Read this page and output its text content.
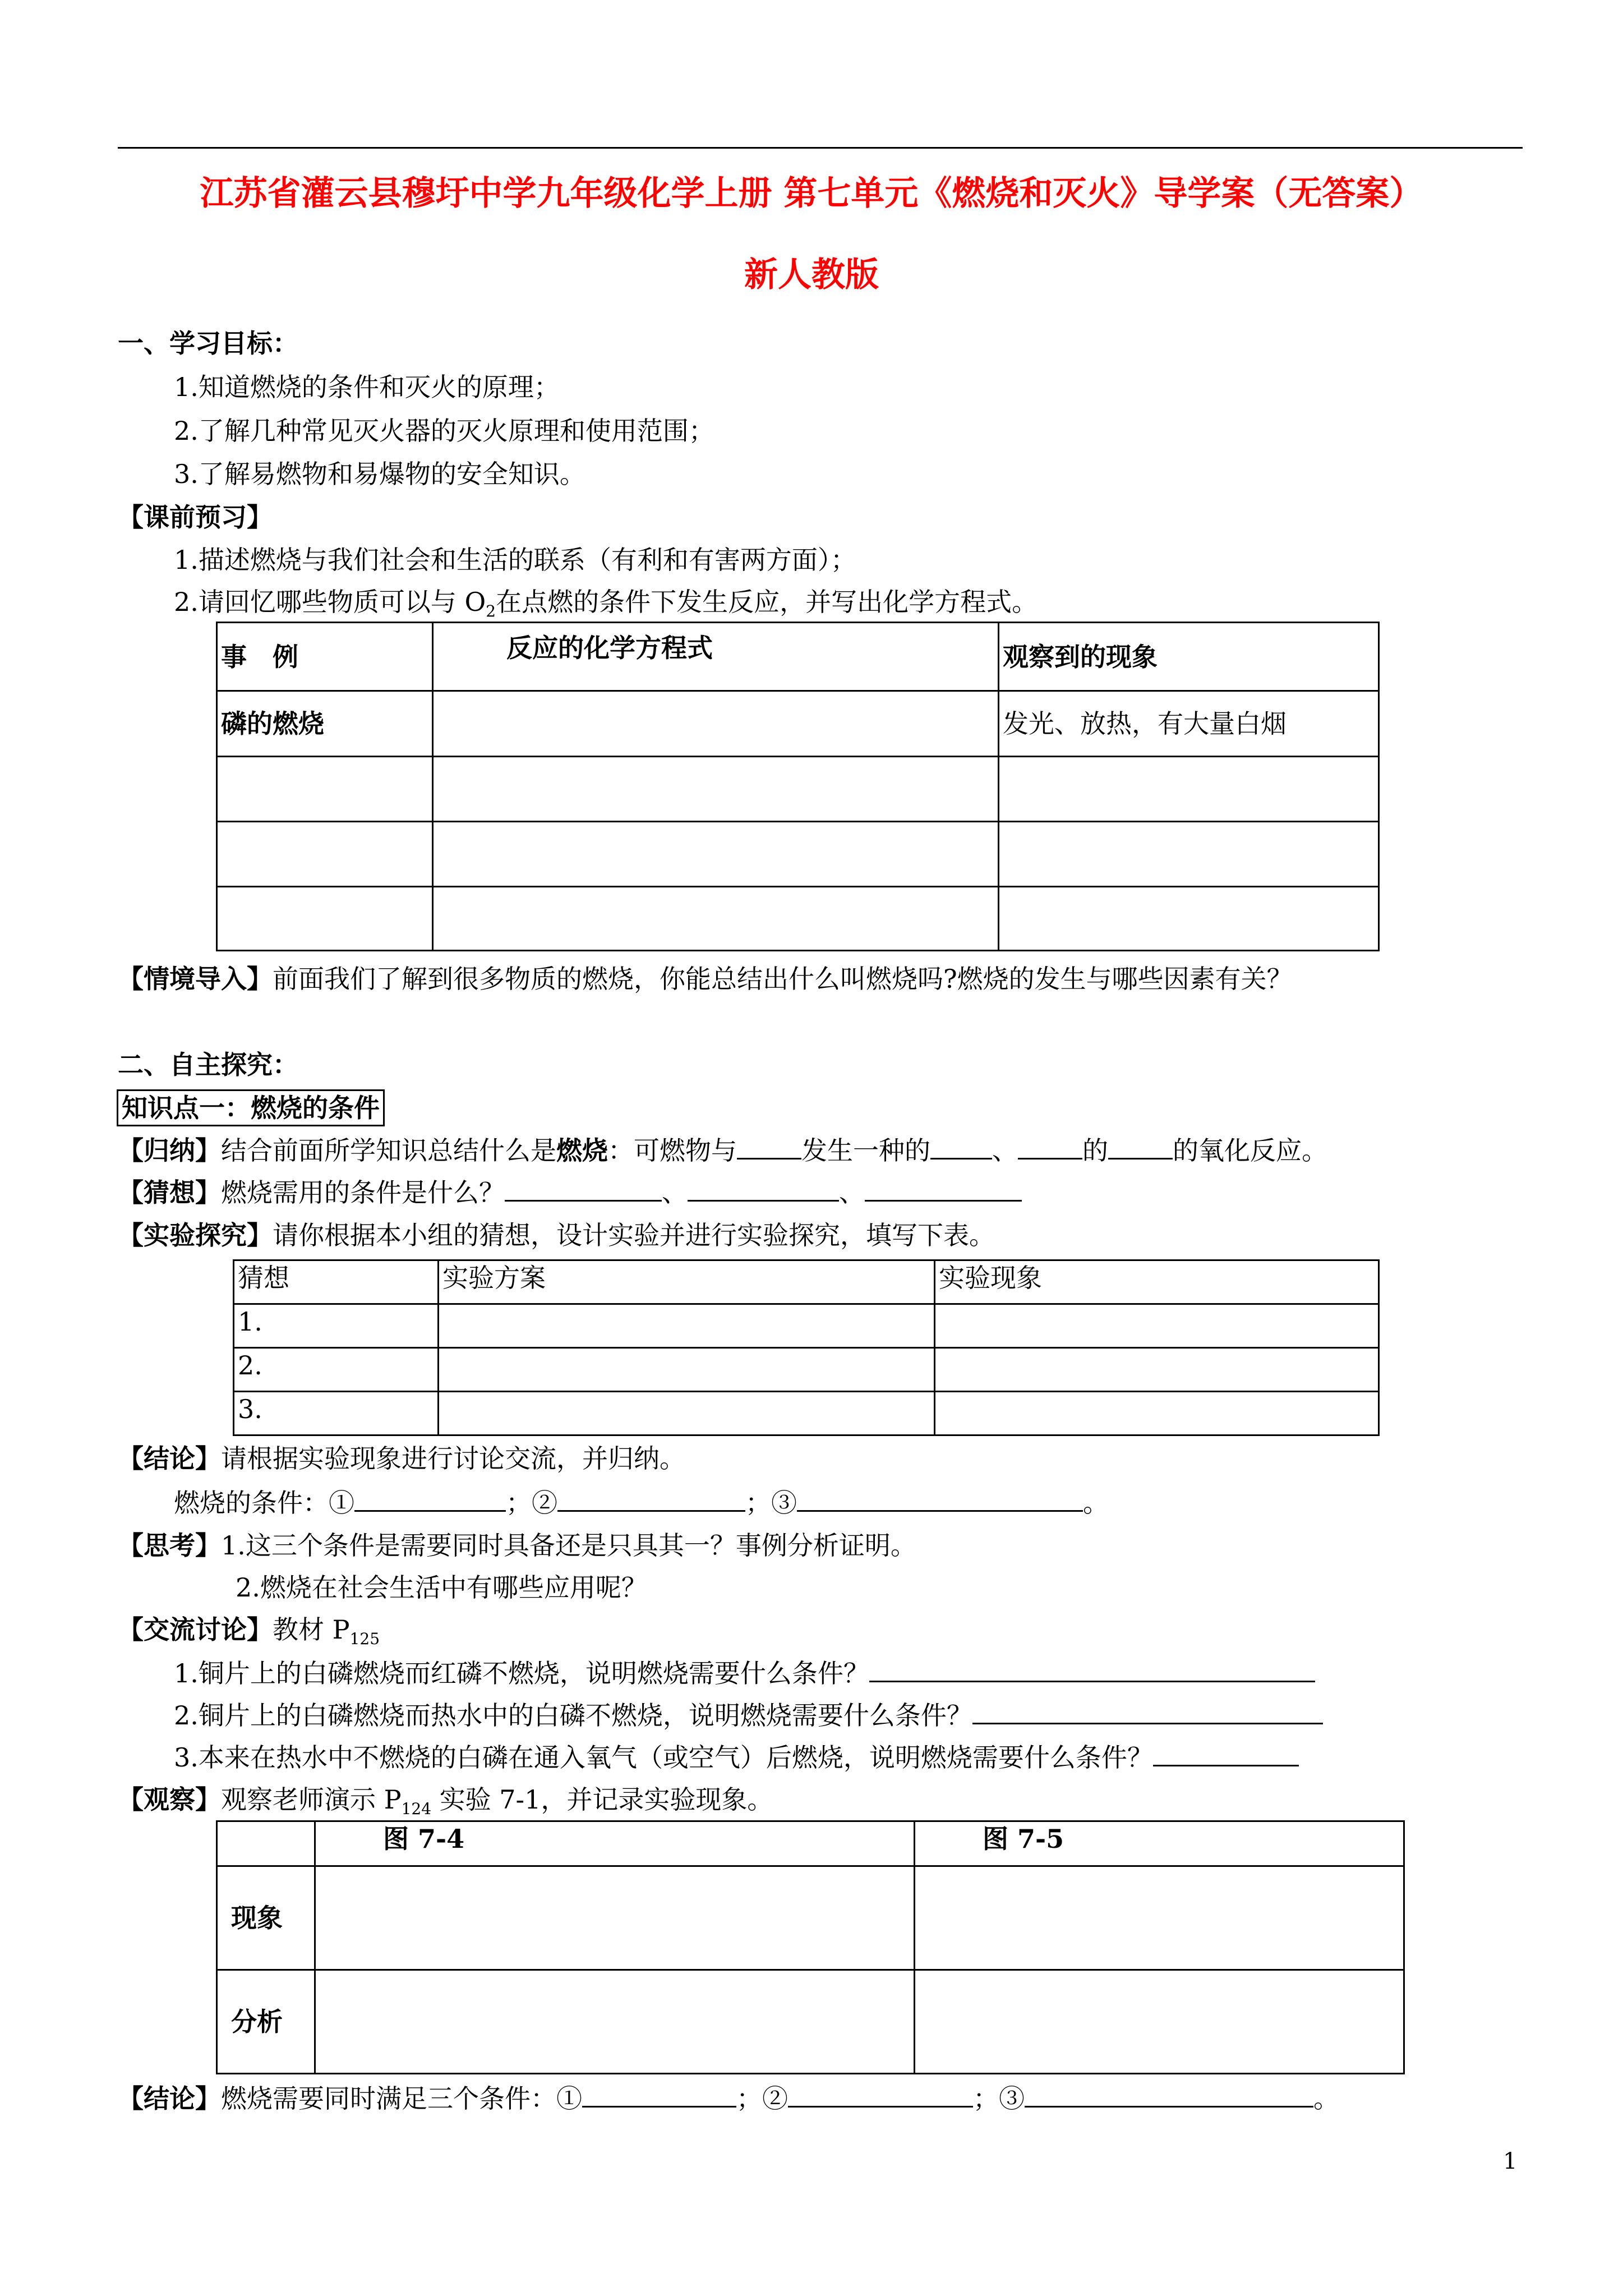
江苏省灌云县穆圩中学九年级化学上册 第七单元《燃烧和灭火》导学案（无答案）
新人教版
一、学习目标：
1.知道燃烧的条件和灭火的原理；
2.了解几种常见灭火器的灭火原理和使用范围；
3.了解易燃物和易爆物的安全知识。
【课前预习】
1.描述燃烧与我们社会和生活的联系（有利和有害两方面）；
2.请回忆哪些物质可以与 $O_2$在点燃的条件下发生反应，并写出化学方程式。
事　例	反应的化学方程式	观察到的现象
磷的燃烧		发光、放热，有大量白烟

【情境导入】前面我们了解到很多物质的燃烧，你能总结出什么叫燃烧吗?燃烧的发生与哪些因素有关？
二、自主探究：
知识点一：燃烧的条件
【归纳】结合前面所学知识总结什么是燃烧：可燃物与	发生一种的 、	的	的氧化反应。
【猜想】燃烧需用的条件是什么？	、	、
【实验探究】请你根据本小组的猜想，设计实验并进行实验探究，填写下表。
猜想	实验方案	实验现象
1.		
2.		
3.		
【结论】请根据实验现象进行讨论交流，并归纳。
燃烧的条件：①	；②	；③	。
【思考】1.这三个条件是需要同时具备还是只具其一？事例分析证明。
2.燃烧在社会生活中有哪些应用呢？
【交流讨论】教材 $P_{125}$
1.铜片上的白磷燃烧而红磷不燃烧，说明燃烧需要什么条件？
2.铜片上的白磷燃烧而热水中的白磷不燃烧，说明燃烧需要什么条件？
3.本来在热水中不燃烧的白磷在通入氧气（或空气）后燃烧，说明燃烧需要什么条件？
【观察】观察老师演示 $P_{124}$ 实验 7-1，并记录实验现象。
	图 7-4	图 7-5
现象		
分析		
【结论】燃烧需要同时满足三个条件：①	；②	；③	。
1
